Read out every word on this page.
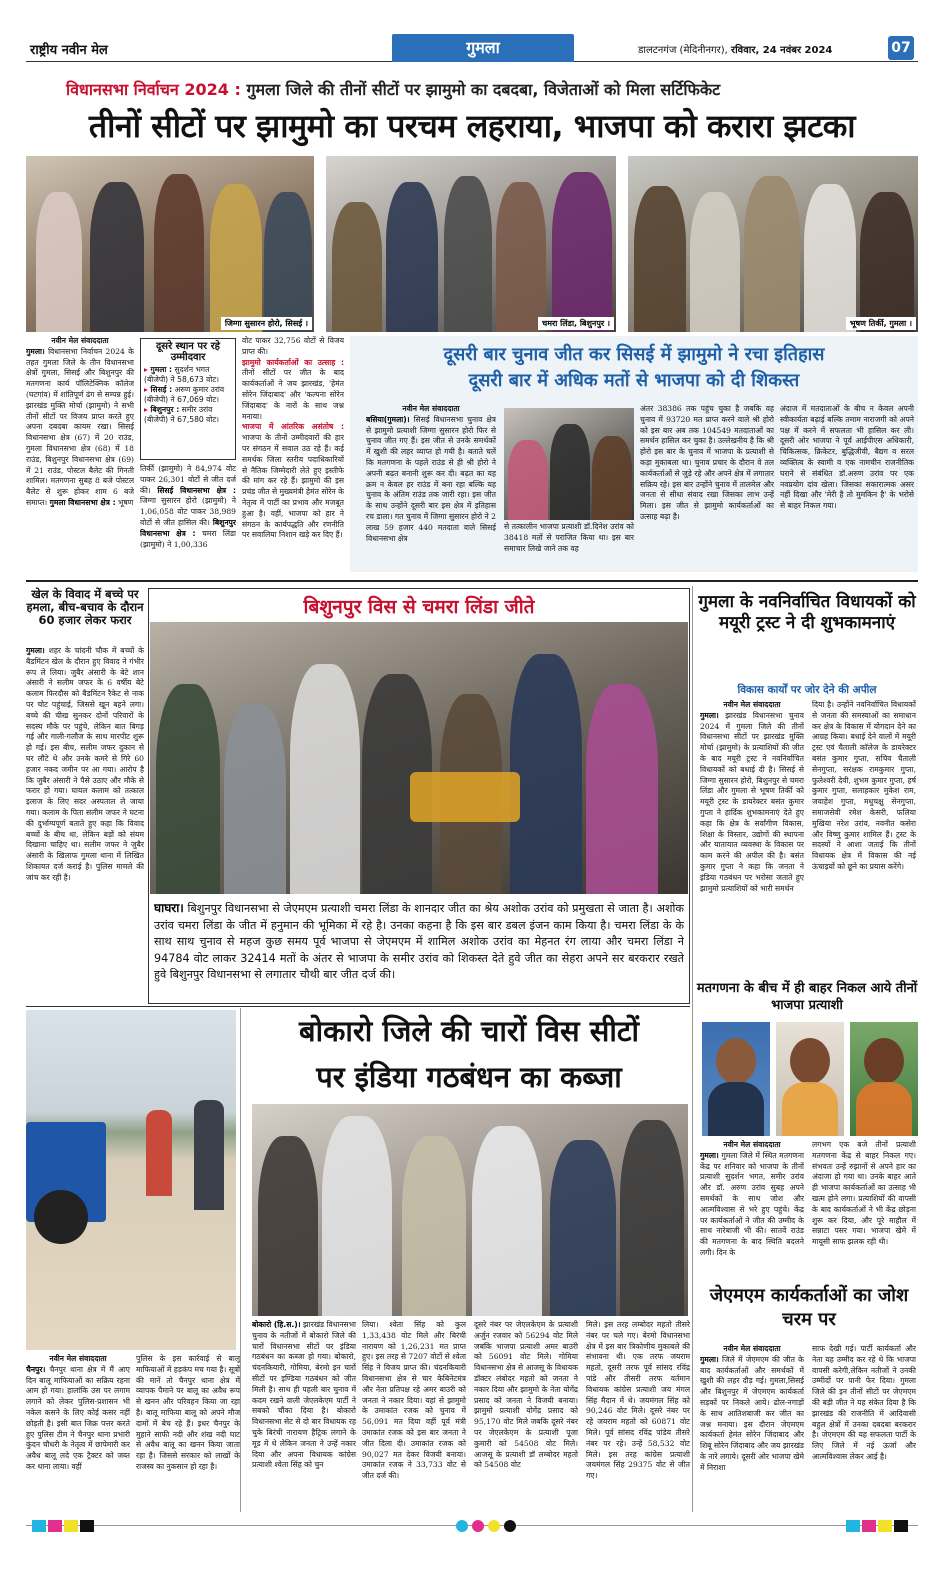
राष्ट्रीय नवीन मेल	गुमला	डालटनगंज (मेदिनीनगर), रविवार, 24 नवंबर 2024	07
विधानसभा निर्वाचन 2024 : गुमला जिले की तीनों सीटों पर झामुमो का दबदबा, विजेताओं को मिला सर्टिफिकेट
तीनों सीटों पर झामुमो का परचम लहराया, भाजपा को करारा झटका
जिग्गा सुसारन होरो, सिसई ।	चमरा लिंडा, बिशुनपुर ।	भूषण तिर्की, गुमला ।
नवीन मेल संवाददाता
गुमला। विधानसभा निर्वाचन 2024 के तहत गुमला जिले के तीन विधानसभा क्षेत्रों गुमला, सिसई और बिशुनपुर की मतगणना कार्य पॉलिटेक्निक कॉलेज (घटगांव) में शांतिपूर्ण ढंग से सम्पन्न हुई। झारखंड मुक्ति मोर्चा (झामुमो) ने सभी तीनों सीटों पर विजय प्राप्त करते हुए अपना दबदबा कायम रखा। सिसई विधानसभा क्षेत्र (67) में 20 राउंड, गुमला विधानसभा क्षेत्र (68) में 18 राउंड, बिशुनपुर विधानसभा क्षेत्र (69) में 21 राउंड, पोस्टल बैलेट की गिनती शामिल। मतगणना सुबह 8 बजे पोस्टल बैलेट से शुरू होकर शाम 6 बजे समाप्त। गुमला विधानसभा क्षेत्र : भूषण
दूसरे स्थान पर रहे उम्मीदवार
▸ गुमला : सुदर्शन भगत (बीजेपी) ने 58,673 वोट।
▸ सिसई : अरुण कुमार उरांव (बीजेपी) ने 67,069 वोट।
▸ बिशुनपुर : समीर उरांव (बीजेपी) ने 67,580 वोट।
तिर्की (झामुमो) ने 84,974 वोट पाकर 26,301 वोटों से जीत दर्ज की। सिसई विधानसभा क्षेत्र : जिग्गा सुसारन होरो (झामुमो) ने 1,06,058 वोट पाकर 38,989 वोटों से जीत हासिल की। बिशुनपुर विधानसभा क्षेत्र : चमरा लिंडा (झामुमो) ने 1,00,336
वोट पाकर 32,756 वोटों से विजय प्राप्त की।
झामुमो कार्यकर्ताओं का उत्साह : तीनों सीटों पर जीत के बाद कार्यकर्ताओं ने जय झारखंड, 'हेमंत सोरेन जिंदाबाद' और 'कल्पना सोरेन जिंदाबाद' के नारों के साथ जश्न मनाया।
भाजपा में आंतरिक असंतोष : भाजपा के तीनों उम्मीदवारों की हार पर संगठन में सवाल उठ रहे हैं। कई समर्थक जिला स्तरीय पदाधिकारियों से नैतिक जिम्मेदारी लेते हुए इस्तीफे की मांग कर रहे हैं। झामुमो की इस प्रचंड जीत से मुख्यमंत्री हेमंत सोरेन के नेतृत्व में पार्टी का प्रभाव और मजबूत हुआ है। वहीं, भाजपा को हार ने संगठन के कार्यपद्धति और रणनीति पर सवालिया निशान खड़े कर दिए हैं।
दूसरी बार चुनाव जीत कर सिसई में झामुमो ने रचा इतिहास
दूसरी बार में अधिक मतों से भाजपा को दी शिकस्त
नवीन मेल संवाददाता
बसिया(गुमला)। सिसई विधानसभा चुनाव क्षेत्र से झामुमो प्रत्याशी जिग्गा सुसारन होरो फिर से चुनाव जीत गए हैं। इस जीत से उनके समर्थकों में खुशी की लहर व्याप्त हो गयी है। बताते चलें कि मतगणना के पहले राउंड से ही श्री होरो ने अपनी बढ़त बनानी शुरू कर दी। बढ़त का यह क्रम न केवल हर राउंड में बना रहा बल्कि यह चुनाव के अंतिम राउंड तक जारी रहा। इस जीत के साथ उन्होंने दूसरी बार इस क्षेत्र में इतिहास रच डाला। गत चुनाव में जिग्गा सुसारन होरो ने 2 लाख 59 हजार 440 मतदाता वाले सिसई विधानसभा क्षेत्र
से तत्कालीन भाजपा प्रत्याशी डॉ.दिनेश उरांव को 38418 मतों से पराजित किया था। इस बार समाचार लिखे जाने तक वह
अंतर 38386 तक पहुंच चुका है जबकि वह चुनाव में 93720 मत प्राप्त करने वाले श्री होरो को इस बार अब तक 104549 मतदाताओं का समर्थन हासिल कर चुका है। उल्लेखनीय है कि श्री होरो इस बार के चुनाव में भाजपा के प्रत्याशी से कड़ा मुकाबला था। चुनाव प्रचार के दौरान वे तल कार्यकर्ताओं से जुड़े रहे और अपने क्षेत्र में लगातार सक्रिय रहे। इस बार उन्होंने चुनाव में तालमेल और जनता से सीधा संवाद रखा जिसका लाभ उन्हें मिला। इस जीत से झामुमो कार्यकर्ताओं का उत्साह बढ़ा है।
अंदाज में मतदाताओं के बीच न केवल अपनी स्वीकार्यता बढ़ाई बल्कि तमाम नाराजगी को अपने पक्ष में करने में सफलता भी हासिल कर ली। दूसरी ओर भाजपा ने पूर्व आईपीएस अधिकारी, चिकित्सक, क्रिकेटर, बुद्धिजीवी, बैद्यग व सरल व्यक्तित्व के स्वामी व एक नामचीन राजनीतिक घराने से संबंधित डॉ.अरुण उरांव पर एक नवप्रयोग दांव खेला। जिसका सकारात्मक असर नहीं दिखा और 'मेरी है तो मुमकिन है' के भरोसे से बाहर निकल गया।
खेल के विवाद में बच्चे पर हमला, बीच-बचाव के दौरान 60 हजार लेकर फरार
गुमला। शहर के चांदनी चौक में बच्चों के बैडमिंटन खेल के दौरान हुए विवाद ने गंभीर रूप ले लिया। जुबैर अंसारी के बेटे शान अंसारी ने सलीम जफर के 6 वर्षीय बेटे कलाम फिरदौस को बैडमिंटन रैकेट से नाक पर चोट पहुंचाई, जिससे खून बहने लगा। बच्चे की चीख सुनकर दोनों परिवारों के सदस्य मौके पर पहुंचे, लेकिन बात बिगड़ गई और गाली-गलौज के साथ मारपीट शुरू हो गई। इस बीच, सलीम जफर दुकान से घर लौटे थे और उनके कमरे से गिरे 60 हजार नकद जमीन पर आ गया। आरोप है कि जुबैर अंसारी ने पैसे उठाए और मौके से फरार हो गया। घायल कलाम को तत्काल इलाज के लिए सदर अस्पताल ले जाया गया। कलाम के पिता सलीम जफर ने घटना की दुर्भाग्यपूर्ण बताते हुए कहा कि विवाद बच्चों के बीच था, लेकिन बड़ों को संयम दिखाना चाहिए था। सलीम जफर ने जुबैर अंसारी के खिलाफ गुमला थाना में लिखित शिकायत दर्ज कराई है। पुलिस मामले की जांच कर रही है।
बिशुनपुर विस से चमरा लिंडा जीते
घाघरा। बिशुनपुर विधानसभा से जेएमएम प्रत्याशी चमरा लिंडा के शानदार जीत का श्रेय अशोक उरांव को प्रमुखता से जाता है। अशोक उरांव चमरा लिंडा के जीत में हनुमान की भूमिका में रहे है। उनका कहना है कि इस बार डबल इंजन काम किया है। चमरा लिंडा के के साथ साथ चुनाव से महज कुछ समय पूर्व भाजपा से जेएमएम में शामिल अशोक उरांव का मेहनत रंग लाया और चमरा लिंडा ने 94784 वोट लाकर 32414 मतों के अंतर से भाजपा के समीर उरांव को शिकस्त देते हुवे जीत का सेहरा अपने सर बरकरार रखते हुवे बिशुनपुर विधानसभा से लगातार चौथी बार जीत दर्ज की।
गुमला के नवनिर्वाचित विधायकों को मयूरी ट्रस्ट ने दी शुभकामनाएं
विकास कार्यों पर जोर देने की अपील
नवीन मेल संवाददाता
गुमला। झारखंड विधानसभा चुनाव 2024 में गुमला जिले की तीनों विधानसभा सीटों पर झारखंड मुक्ति मोर्चा (झामुमो) के प्रत्याशियों की जीत के बाद मयूरी ट्रस्ट ने नवनिर्वाचित विधायकों को बधाई दी है। सिसई से जिग्गा सुसारन होरो, बिशुनपुर से चमरा लिंडा और गुमला से भूषण तिर्की को मयूरी ट्रस्ट के डायरेक्टर बसंत कुमार गुप्ता ने हार्दिक शुभकामनाएं देते हुए कहा कि क्षेत्र के सर्वांगीण विकास, शिक्षा के विस्तार, उद्योगों की स्थापना और यातायात व्यवस्था के विकास पर काम करने की अपील की है। बसंत कुमार गुप्ता ने कहा कि जनता ने इंडिया गठबंधन पर भरोसा जताते हुए झामुमो प्रत्याशियों को भारी समर्थन
दिया है। उन्होंने नवनिर्वाचित विधायकों से जनता की समस्याओं का समाधान कर क्षेत्र के विकास में योगदान देने का आग्रह किया। बधाई देने वालों में मयूरी ट्रस्ट एवं चैताली कॉलेज के डायरेक्टर बसंत कुमार गुप्ता, सचिव चैताली सेनगुप्ता, सरंक्षक रामकुमार गुप्ता, फुलेश्वरी देवी, शुभम कुमार गुप्ता, हर्ष कुमार गुप्ता, सलाहकार मुकेश राम, जवाहेश गुप्ता, मधुचक्षु सेनगुप्ता, समाजसेवी रमेश केसरी, फलिया मुखिया नरेश उरांव, नवनीत कसेरा और विष्णु कुमार शामिल हैं। ट्रस्ट के सदस्यों ने आशा जताई कि तीनों विधायक क्षेत्र में विकास की नई ऊंचाइयों को छूने का प्रयास करेंगे।
मतगणना के बीच में ही बाहर निकल आये तीनों भाजपा प्रत्याशी
नवीन मेल संवाददाता
गुमला। गुमला जिले में स्थित मतगणना केंद्र पर शनिवार को भाजपा के तीनों प्रत्याशी सुदर्शन भगत, समीर उरांव और डॉ. अरुण उरांव सुबह अपने समर्थकों के साथ जोश और आत्मविश्वास से भरे हुए पहुंचे। केंद्र पर कार्यकर्ताओं ने जीत की उम्मीद के साथ नारेबाजी भी की। सातवें राउंड की मतगणना के बाद स्थिति बदलने लगी। दिन के
लगभग एक बजे तीनों प्रत्याशी मतगणना केंद्र से बाहर निकल गए। संभवतः उन्हें रुझानों से अपने हार का अंदाजा हो गया था। उनके बाहर आते ही भाजपा कार्यकर्ताओं का उत्साह भी खत्म होने लगा। प्रत्याशियों की वापसी के बाद कार्यकर्ताओं ने भी केंद्र छोड़ना शुरू कर दिया, और पूरे माहौल में सन्नाटा पसर गया। भाजपा खेमे में मायूसी साफ झलक रही थी।
जेएमएम कार्यकर्ताओं का जोश चरम पर
नवीन मेल संवाददाता
गुमला। जिले में जेएमएम की जीत के बाद कार्यकर्ताओं और समर्थकों में खुशी की लहर दौड़ गई। गुमला,सिसई और बिशुनपुर में जेएमएम कार्यकर्ता सड़कों पर निकले आये। ढोल-नगाड़ों के साथ आतिशबाजी कर जीत का जश्न मनाया। इस दौरान जेएमएम कार्यकर्ता हेमंत सोरेन जिंदाबाद और शिबू सोरेन जिंदाबाद और जय झारखंड के नारे लगाये। दूसरी ओर भाजपा खेमे में निराशा
साफ देखी गई। पार्टी कार्यकर्ता और नेता यह उम्मीद कर रहे थे कि भाजपा वापसी करेगी,लेकिन नतीजों ने उनकी उम्मीदों पर पानी फेर दिया। गुमला जिले की इन तीनों सीटों पर जेएमएम की बड़ी जीत ने यह संकेत दिया है कि झारखंड की राजनीति में आदिवासी बहुल क्षेत्रों में उनका दबदबा बरकरार है। जेएमएम की यह सफलता पार्टी के लिए जिले में नई ऊर्जा और आत्मविश्वास लेकर आई है।
नवीन मेल संवाददाता
चैनपुर। चैनपुर थाना क्षेत्र में मैं आए दिन बालू माफियाओं का सक्रिय रहना आम हो गया। हालांकि उस पर लगाम लगाने को लेकर पुलिस-प्रशासन भी नकेल कसने के लिए कोई कसर नहीं छोड़ती है। इसी बात जिक्र पत्तर करते हुए पुलिस टीम ने चैनपुर थाना प्रभारी कुंदन चौधरी के नेतृत्व में छापेमारी कर अवैध बालू लदे एक ट्रैक्टर को जब्त कर थाना लाया। वहीं
पुलिस के इस कार्रवाई से बालू माफियाओं में हड़कंप मच गया है। सूत्रों की मानें तो चैनपुर थाना क्षेत्र में व्यापक पैमाने पर बालू का अवैध रूप से खनन और परिवहन किया जा रहा है। बालू माफिया बालू को अपने मौज दामों में बेच रहे हैं। इधर चैनपुर के मुहाने साफी नदी और शंख नदी घाट से अवैध बालू का खनन किया जाता रहा है। जिससे सरकार को लाखों के राजस्व का नुकसान हो रहा है।
बोकारो जिले की चारों विस सीटों
पर इंडिया गठबंधन का कब्जा
बोकारो (हि.स.)। झारखंड विधानसभा चुनाव के नतीजों में बोकारो जिले की चारों विधानसभा सीटों पर इंडिया गठबंधन का कब्जा हो गया। बोकारो, चंदनकियारी, गोमिया, बेरमो इन चारों सीटों पर इण्डिया गठबंधन को जीत मिली है। साथ ही पहली बार चुनाव में कदम रखने वाली जेएलकेएम पार्टी ने सबको चौंका दिया है। बोकारो विधानसभा सेट से दो बार विधायक रह चुके बिरंची नारायण हैट्रिक लगाने के मूड में थे लेकिन जनता ने उन्हें नकार दिया और अपना विधायक कांग्रेस प्रत्याशी श्वेता सिंह को चुन
लिया। श्वेता सिंह को कुल 1,33,438 वोट मिले और बिरंची नारायण को 1,26,231 मत प्राप्त हुए। इस तरह से 7207 वोटों से श्वेता सिंह ने विजय प्राप्त की। चंदनकियारी विधानसभा क्षेत्र से चार केबिनेटमंत्र और नेता प्रतिपक्ष रहे अमर बाउरी को जनता ने नकार दिया। यहां से झामुमो के उमाकांत रजक को चुनाव में 56,091 मत दिया वहीं पूर्व मंत्री उमाकांत रजक को इस बार जनता ने जीत दिला दी। उमाकांत रजक को 90,027 मत देकर विजयी बनाया। उमाकांत रजक ने 33,733 वोट से जीत दर्ज की।
दूसरे नंबर पर जेएलकेएम के प्रत्याशी अर्जुन रजवार को 56294 वोट मिले जबकि भाजपा प्रत्याशी अमर बाउरी को 56091 वोट मिले। गोमिया विधानसभा क्षेत्र से आजसू के विधायक डॉक्टर लंबोदर महतो को जनता ने नकार दिया और झामुमो के नेता योगेंद्र प्रसाद को जनता ने विजयी बनाया। झामुमो प्रत्याशी योगेंद्र प्रसाद को 95,170 वोट मिले जबकि दूसरे नंबर पर जेएलकेएम के प्रत्याशी पूजा कुमारी को 54508 वोट मिले। आजसू के प्रत्याशी डॉ लम्बोदर महतो को 54508 वोट
मिले। इस तरह लम्बोदर महतो तीसरे नंबर पर चले गए। बेरमो विधानसभा क्षेत्र में इस बार त्रिकोणीय मुकाबले की संभावना थी। एक तरफ जयराम महतो, दूसरी तरफ पूर्व सांसद रविंद्र पांडे और तीसरी तरफ वर्तमान विधायक कांग्रेस प्रत्याशी जय मंगल सिंह मैदान में थे। जयमंगल सिंह को 90,246 वोट मिले। दूसरे नंबर पर रहे जयराम महतो को 60871 वोट मिले। पूर्व सांसद रविंद्र पांडेय तीसरे नंबर पर रहे। उन्हें 58,532 वोट मिले। इस तरह कांग्रेस प्रत्याशी जयमंगल सिंह 29375 वोट से जीत गए।
